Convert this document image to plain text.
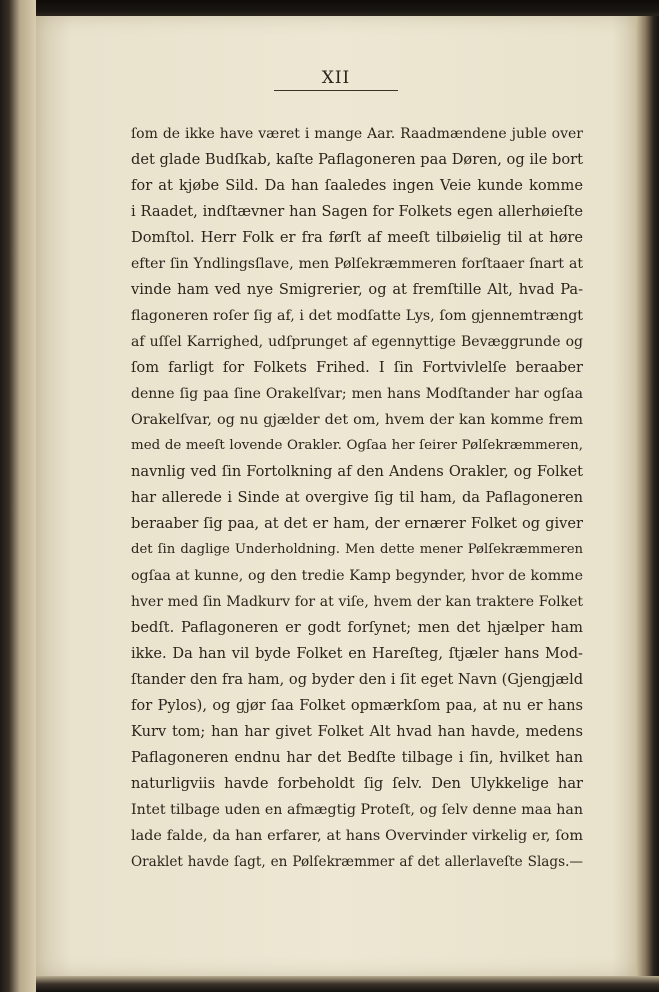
XII
ſom de ikke have været i mange Aar. Raadmændene juble over
det glade Budſkab, kaſte Paflagoneren paa Døren, og ile bort
for at kjøbe Sild. Da han ſaaledes ingen Veie kunde komme
i Raadet, indſtævner han Sagen for Folkets egen allerhøieſte
Domſtol. Herr Folk er fra førſt af meeſt tilbøielig til at høre
efter ſin Yndlingsſlave, men Pølſekræmmeren forſtaaer ſnart at
vinde ham ved nye Smigrerier, og at fremſtille Alt, hvad Pa-
flagoneren roſer ſig af, i det modſatte Lys, ſom gjennemtrængt
af uſſel Karrighed, udſprunget af egennyttige Bevæggrunde og
ſom farligt for Folkets Frihed. I ſin Fortvivlelſe beraaber
denne ſig paa ſine Orakelſvar; men hans Modſtander har ogſaa
Orakelſvar, og nu gjælder det om, hvem der kan komme frem
med de meeſt lovende Orakler. Ogſaa her ſeirer Pølſekræmmeren,
navnlig ved ſin Fortolkning af den Andens Orakler, og Folket
har allerede i Sinde at overgive ſig til ham, da Paflagoneren
beraaber ſig paa, at det er ham, der ernærer Folket og giver
det ſin daglige Underholdning. Men dette mener Pølſekræmmeren
ogſaa at kunne, og den tredie Kamp begynder, hvor de komme
hver med ſin Madkurv for at viſe, hvem der kan traktere Folket
bedſt. Paflagoneren er godt forſynet; men det hjælper ham
ikke. Da han vil byde Folket en Hareſteg, ſtjæler hans Mod-
ſtander den fra ham, og byder den i ſit eget Navn (Gjengjæld
for Pylos), og gjør ſaa Folket opmærkſom paa, at nu er hans
Kurv tom; han har givet Folket Alt hvad han havde, medens
Paflagoneren endnu har det Bedſte tilbage i ſin, hvilket han
naturligviis havde forbeholdt ſig ſelv. Den Ulykkelige har
Intet tilbage uden en afmægtig Proteſt, og ſelv denne maa han
lade falde, da han erfarer, at hans Overvinder virkelig er, ſom
Oraklet havde ſagt, en Pølſekræmmer af det allerlaveſte Slags.—
